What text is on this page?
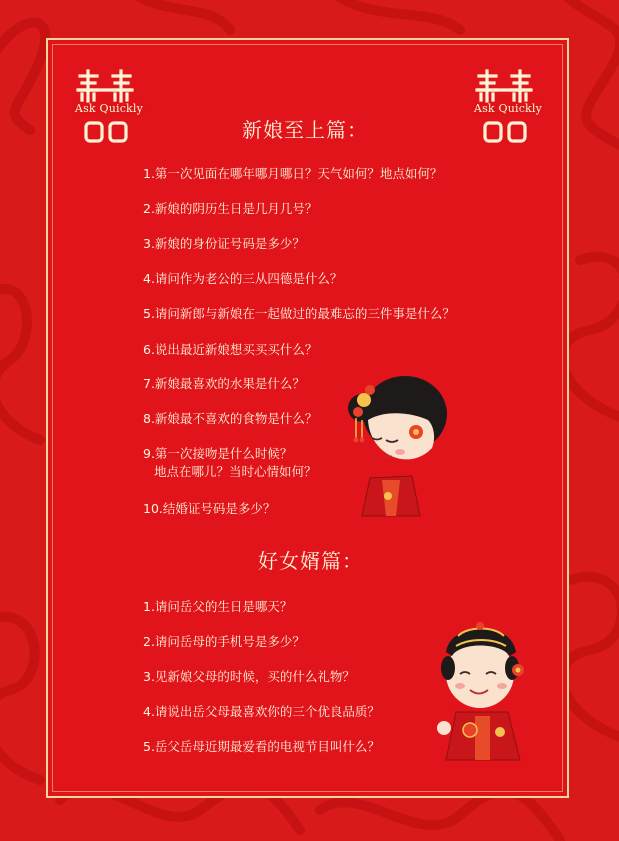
Ask Quickly	Ask Quickly
新娘至上篇：
1.第一次见面在哪年哪月哪日？天气如何？地点如何？
2.新娘的阴历生日是几月几号？
3.新娘的身份证号码是多少？
4.请问作为老公的三从四德是什么？
5.请问新郎与新娘在一起做过的最难忘的三件事是什么？
6.说出最近新娘想买买买什么？
7.新娘最喜欢的水果是什么？
8.新娘最不喜欢的食物是什么？
9.第一次接吻是什么时候？
地点在哪儿？当时心情如何？
10.结婚证号码是多少？
好女婿篇：
1.请问岳父的生日是哪天？
2.请问岳母的手机号是多少？
3.见新娘父母的时候，买的什么礼物？
4.请说出岳父母最喜欢你的三个优良品质？
5.岳父岳母近期最爱看的电视节目叫什么？
